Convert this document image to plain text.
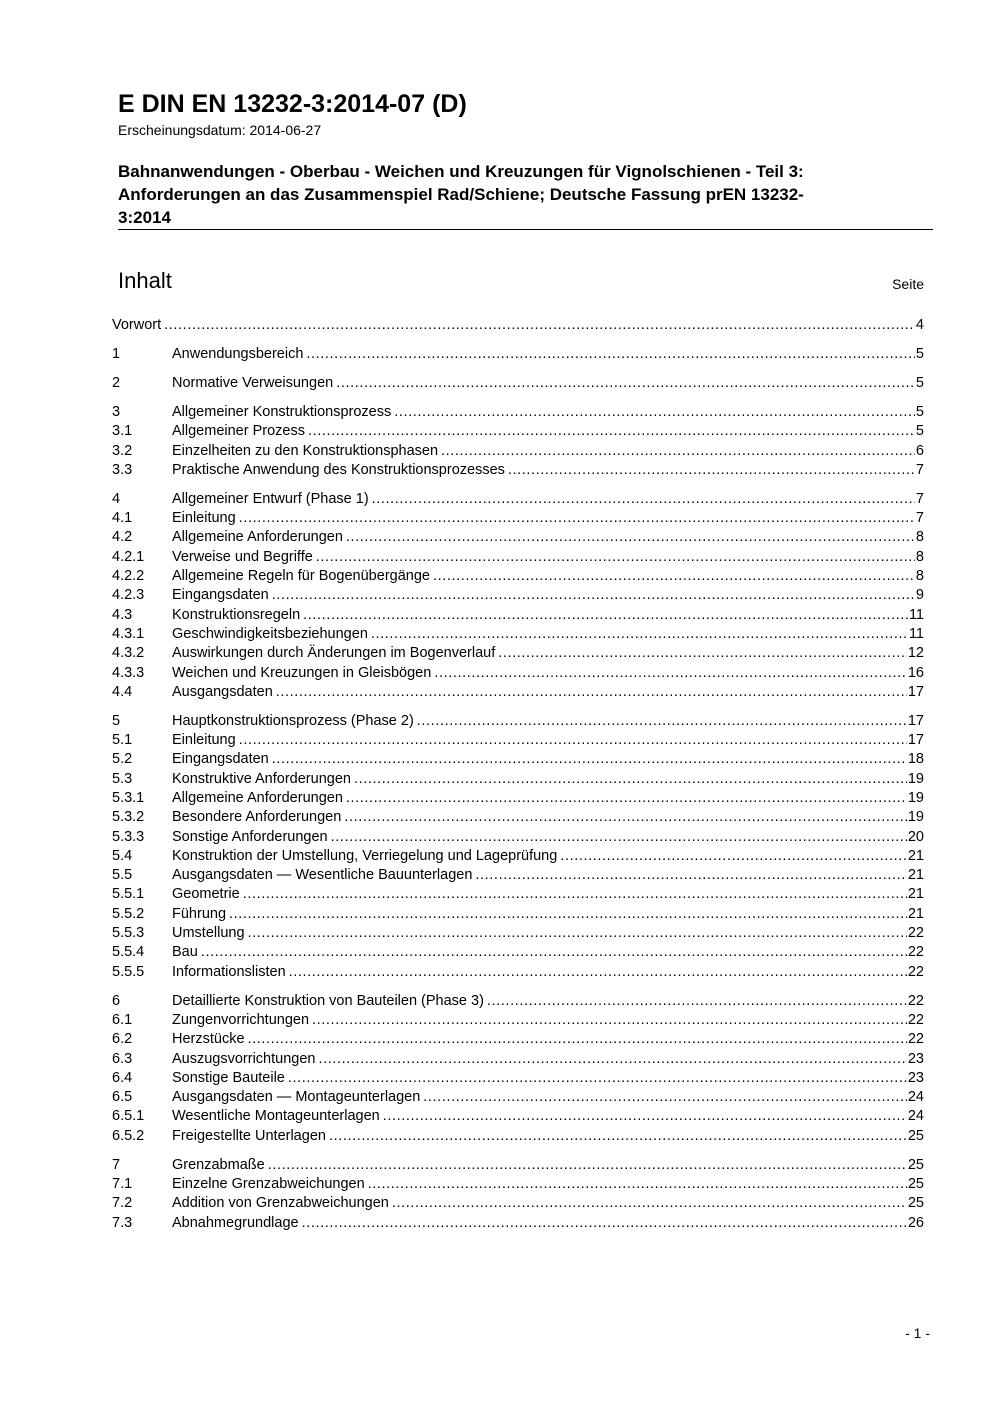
E DIN EN 13232-3:2014-07 (D)
Erscheinungsdatum: 2014-06-27
Bahnanwendungen - Oberbau - Weichen und Kreuzungen für Vignolschienen - Teil 3:
Anforderungen an das Zusammenspiel Rad/Schiene; Deutsche Fassung prEN 13232-
3:2014
Inhalt	Seite
Vorwort .....	4
1	Anwendungsbereich .....	5
2	Normative Verweisungen .....	5
3	Allgemeiner Konstruktionsprozess .....	5
3.1	Allgemeiner Prozess .....	5
3.2	Einzelheiten zu den Konstruktionsphasen .....	6
3.3	Praktische Anwendung des Konstruktionsprozesses .....	7
4	Allgemeiner Entwurf (Phase 1) .....	7
4.1	Einleitung .....	7
4.2	Allgemeine Anforderungen .....	8
4.2.1	Verweise und Begriffe .....	8
4.2.2	Allgemeine Regeln für Bogenübergänge .....	8
4.2.3	Eingangsdaten .....	9
4.3	Konstruktionsregeln .....	11
4.3.1	Geschwindigkeitsbeziehungen .....	11
4.3.2	Auswirkungen durch Änderungen im Bogenverlauf .....	12
4.3.3	Weichen und Kreuzungen in Gleisbögen .....	16
4.4	Ausgangsdaten .....	17
5	Hauptkonstruktionsprozess (Phase 2) .....	17
5.1	Einleitung .....	17
5.2	Eingangsdaten .....	18
5.3	Konstruktive Anforderungen .....	19
5.3.1	Allgemeine Anforderungen .....	19
5.3.2	Besondere Anforderungen .....	19
5.3.3	Sonstige Anforderungen .....	20
5.4	Konstruktion der Umstellung, Verriegelung und Lageprüfung .....	21
5.5	Ausgangsdaten — Wesentliche Bauunterlagen .....	21
5.5.1	Geometrie .....	21
5.5.2	Führung .....	21
5.5.3	Umstellung .....	22
5.5.4	Bau .....	22
5.5.5	Informationslisten .....	22
6	Detaillierte Konstruktion von Bauteilen (Phase 3) .....	22
6.1	Zungenvorrichtungen .....	22
6.2	Herzstücke .....	22
6.3	Auszugsvorrichtungen .....	23
6.4	Sonstige Bauteile .....	23
6.5	Ausgangsdaten — Montageunterlagen .....	24
6.5.1	Wesentliche Montageunterlagen .....	24
6.5.2	Freigestellte Unterlagen .....	25
7	Grenzabmaße .....	25
7.1	Einzelne Grenzabweichungen .....	25
7.2	Addition von Grenzabweichungen .....	25
7.3	Abnahmegrundlage .....	26
- 1 -
